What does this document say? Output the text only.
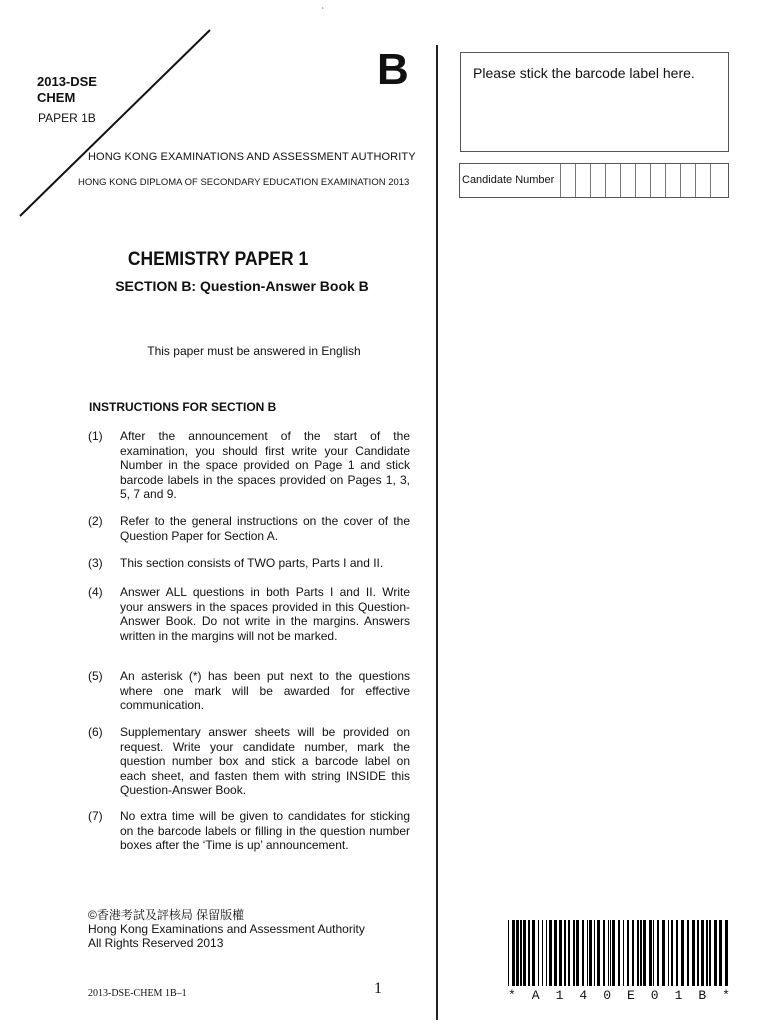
‘
2013-DSE
CHEM
PAPER 1B
B
HONG KONG EXAMINATIONS AND ASSESSMENT AUTHORITY
HONG KONG DIPLOMA OF SECONDARY EDUCATION EXAMINATION 2013
CHEMISTRY PAPER 1
SECTION B: Question-Answer Book B
This paper must be answered in English
INSTRUCTIONS FOR SECTION B
(1) After the announcement of the start of the examination, you should first write your Candidate Number in the space provided on Page 1 and stick barcode labels in the spaces provided on Pages 1, 3, 5, 7 and 9.
(2) Refer to the general instructions on the cover of the Question Paper for Section A.
(3) This section consists of TWO parts, Parts I and II.
(4) Answer ALL questions in both Parts I and II. Write your answers in the spaces provided in this Question-Answer Book. Do not write in the margins. Answers written in the margins will not be marked.
(5) An asterisk (*) has been put next to the questions where one mark will be awarded for effective communication.
(6) Supplementary answer sheets will be provided on request. Write your candidate number, mark the question number box and stick a barcode label on each sheet, and fasten them with string INSIDE this Question-Answer Book.
(7) No extra time will be given to candidates for sticking on the barcode labels or filling in the question number boxes after the ‘Time is up’ announcement.
©香港考試及評核局 保留版權
Hong Kong Examinations and Assessment Authority
All Rights Reserved 2013
2013-DSE-CHEM 1B–1	1
Please stick the barcode label here.
Candidate Number
* A 1 4 0 E 0 1 B *
